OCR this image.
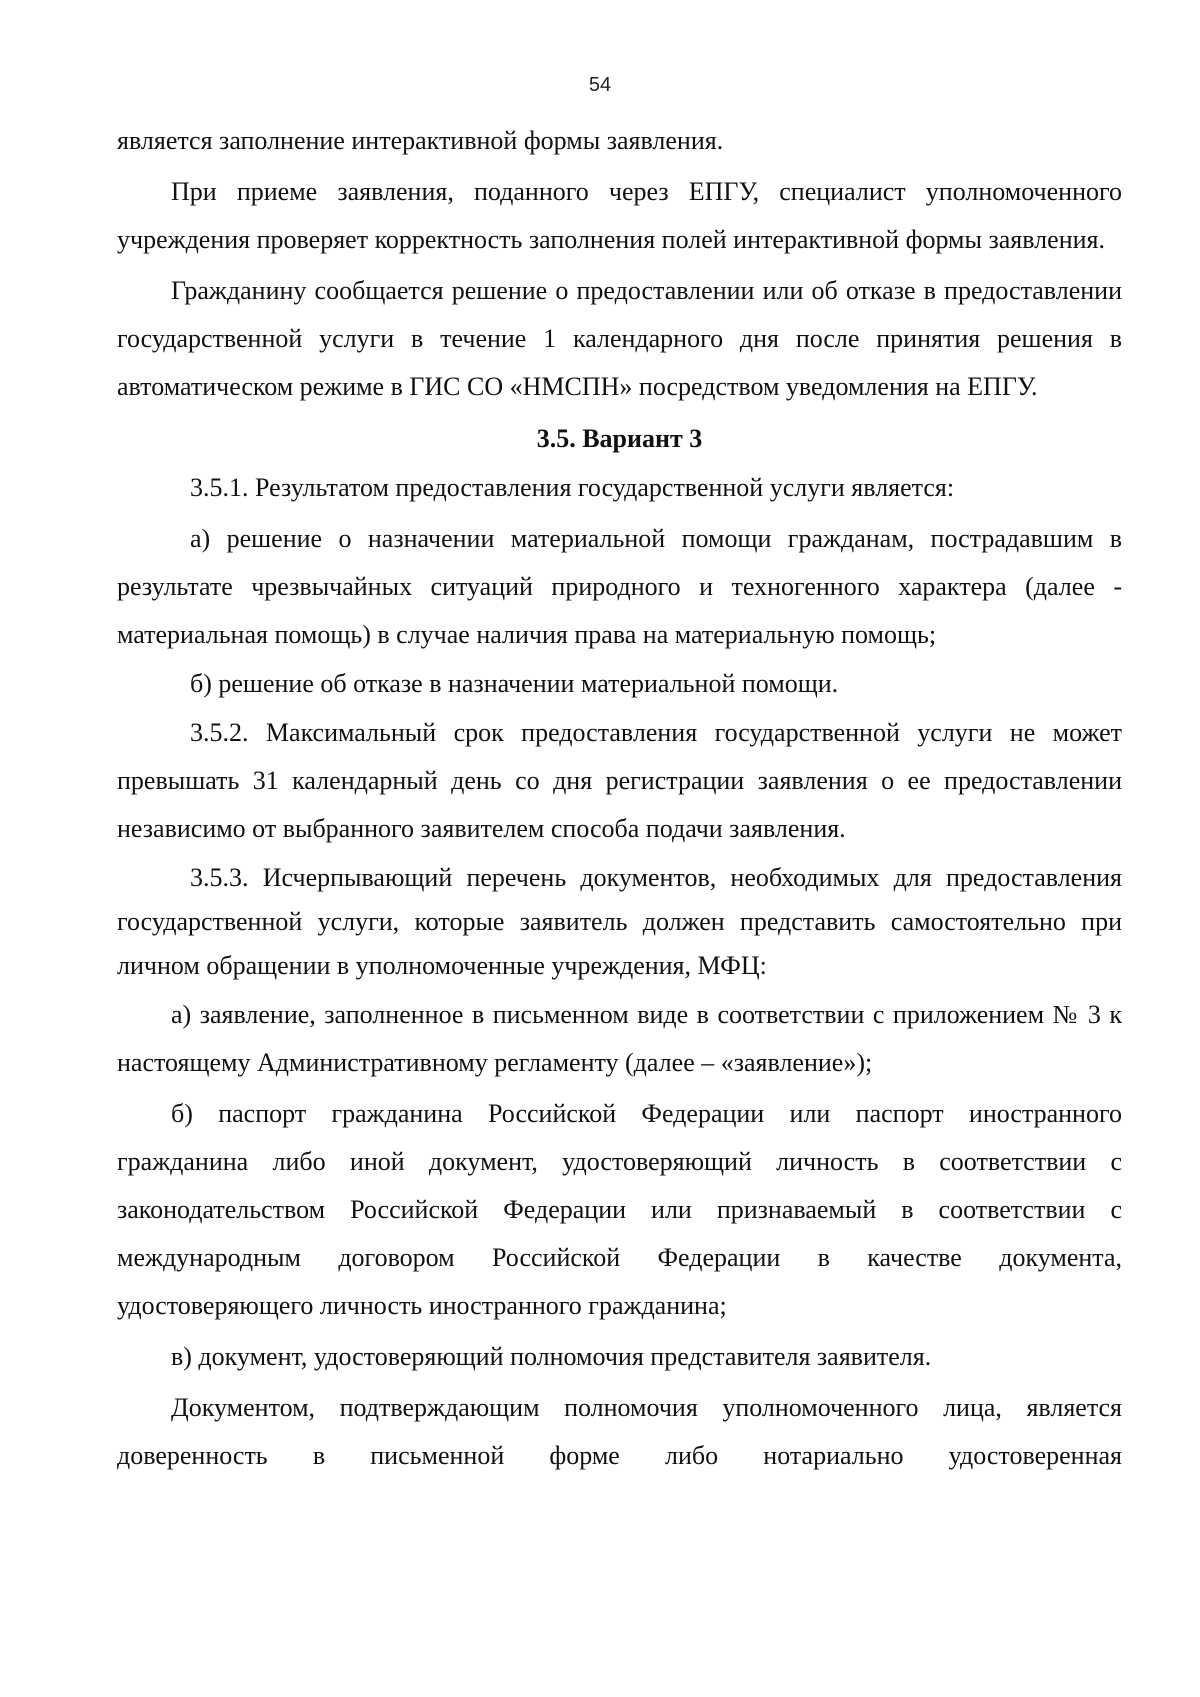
54

является заполнение интерактивной формы заявления.

При приеме заявления, поданного через ЕПГУ, специалист уполномоченного учреждения проверяет корректность заполнения полей интерактивной формы заявления.

Гражданину сообщается решение о предоставлении или об отказе в предоставлении государственной услуги в течение 1 календарного дня после принятия решения в автоматическом режиме в ГИС СО «НМСПН» посредством уведомления на ЕПГУ.

3.5. Вариант 3

3.5.1. Результатом предоставления государственной услуги является:

а) решение о назначении материальной помощи гражданам, пострадавшим в результате чрезвычайных ситуаций природного и техногенного характера (далее - материальная помощь) в случае наличия права на материальную помощь;

б) решение об отказе в назначении материальной помощи.

3.5.2. Максимальный срок предоставления государственной услуги не может превышать 31 календарный день со дня регистрации заявления о ее предоставлении независимо от выбранного заявителем способа подачи заявления.

3.5.3. Исчерпывающий перечень документов, необходимых для предоставления государственной услуги, которые заявитель должен представить самостоятельно при личном обращении в уполномоченные учреждения, МФЦ:

а) заявление, заполненное в письменном виде в соответствии с приложением № 3 к настоящему Административному регламенту (далее – «заявление»);

б) паспорт гражданина Российской Федерации или паспорт иностранного гражданина либо иной документ, удостоверяющий личность в соответствии с законодательством Российской Федерации или признаваемый в соответствии с международным договором Российской Федерации в качестве документа, удостоверяющего личность иностранного гражданина;

в) документ, удостоверяющий полномочия представителя заявителя.

Документом, подтверждающим полномочия уполномоченного лица, является доверенность в письменной форме либо нотариально удостоверенная
